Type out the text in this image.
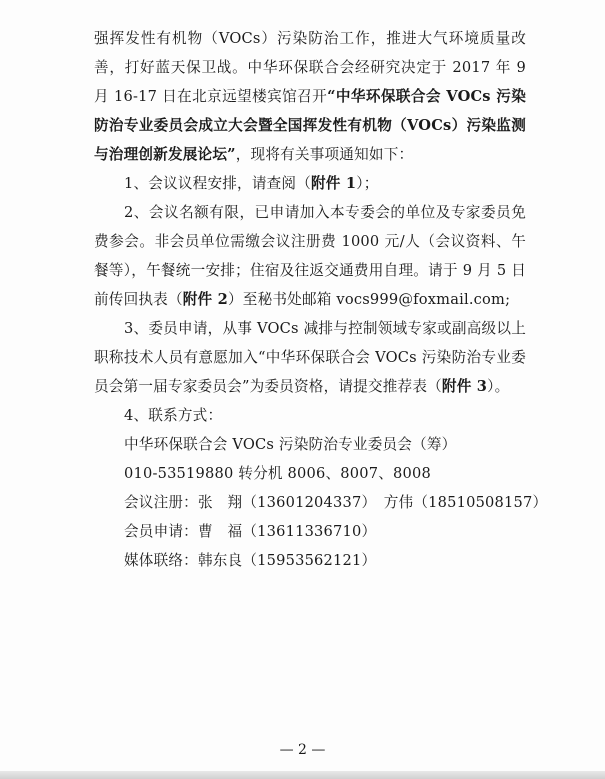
强挥发性有机物（VOCs）污染防治工作，推进大气环境质量改善，打好蓝天保卫战。中华环保联合会经研究决定于 2017 年 9 月 16-17 日在北京远望楼宾馆召开“中华环保联合会 VOCs 污染防治专业委员会成立大会暨全国挥发性有机物（VOCs）污染监测与治理创新发展论坛”，现将有关事项通知如下：

1、会议议程安排，请查阅（附件 1）；

2、会议名额有限，已申请加入本专委会的单位及专家委员免费参会。非会员单位需缴会议注册费 1000 元/人（会议资料、午餐等），午餐统一安排；住宿及往返交通费用自理。请于 9 月 5 日前传回执表（附件 2）至秘书处邮箱 vocs999@foxmail.com;

3、委员申请，从事 VOCs 减排与控制领域专家或副高级以上职称技术人员有意愿加入“中华环保联合会 VOCs 污染防治专业委员会第一届专家委员会”为委员资格，请提交推荐表（附件 3）。

4、联系方式：

中华环保联合会 VOCs 污染防治专业委员会（筹）

010-53519880 转分机 8006、8007、8008

会议注册：张　翔（13601204337）　方伟（18510508157）

会员申请：曹　福（13611336710）

媒体联络：韩东良（15953562121）

— 2 —
